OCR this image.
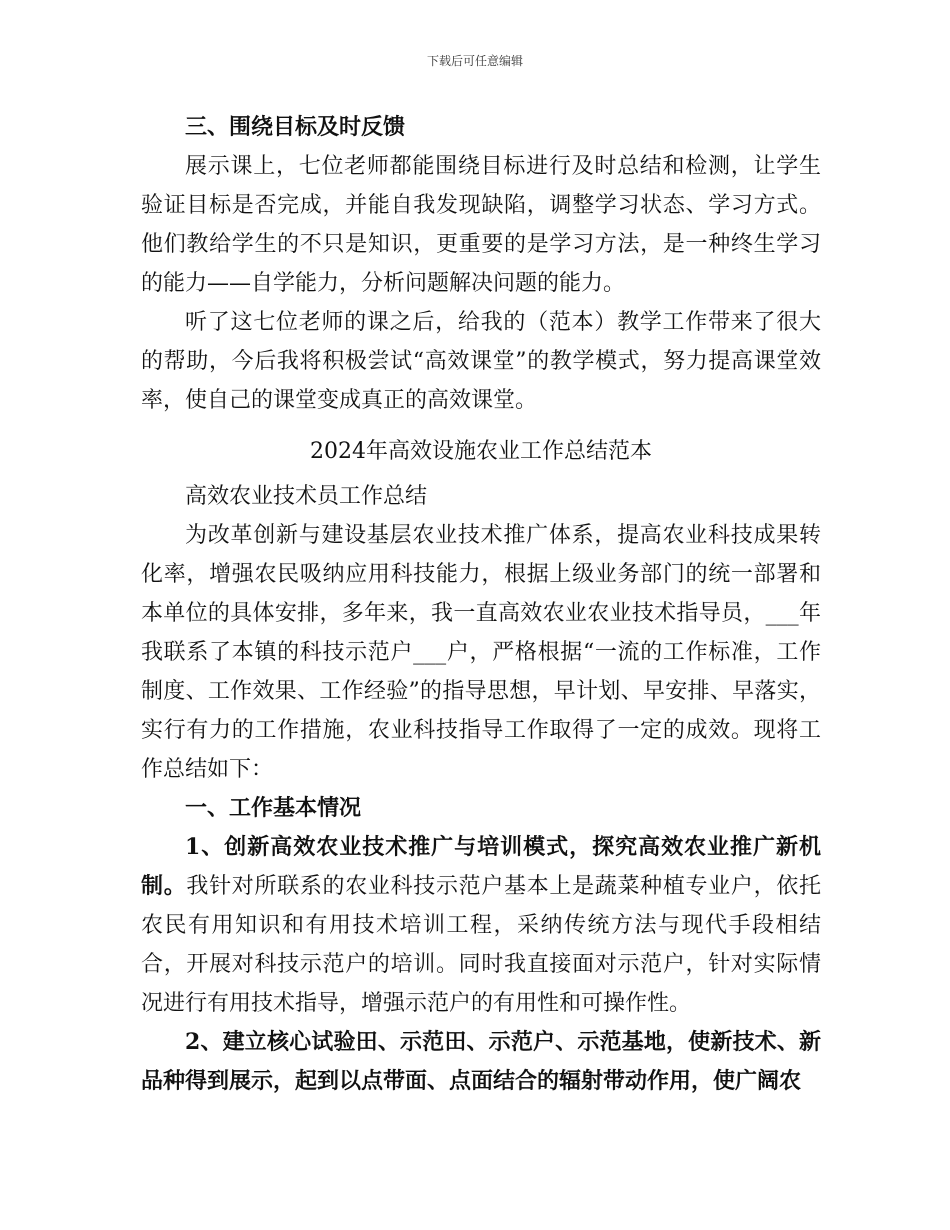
下载后可任意编辑

三、围绕目标及时反馈

展示课上，七位老师都能围绕目标进行及时总结和检测，让学生验证目标是否完成，并能自我发现缺陷，调整学习状态、学习方式。他们教给学生的不只是知识，更重要的是学习方法，是一种终生学习的能力——自学能力，分析问题解决问题的能力。

听了这七位老师的课之后，给我的（范本）教学工作带来了很大的帮助，今后我将积极尝试“高效课堂”的教学模式，努力提高课堂效率，使自己的课堂变成真正的高效课堂。

2024年高效设施农业工作总结范本

高效农业技术员工作总结

为改革创新与建设基层农业技术推广体系，提高农业科技成果转化率，增强农民吸纳应用科技能力，根据上级业务部门的统一部署和本单位的具体安排，多年来，我一直高效农业农业技术指导员，___年我联系了本镇的科技示范户___户，严格根据“一流的工作标准，工作制度、工作效果、工作经验”的指导思想，早计划、早安排、早落实，实行有力的工作措施，农业科技指导工作取得了一定的成效。现将工作总结如下：

一、工作基本情况

1、创新高效农业技术推广与培训模式，探究高效农业推广新机制。我针对所联系的农业科技示范户基本上是蔬菜种植专业户，依托农民有用知识和有用技术培训工程，采纳传统方法与现代手段相结合，开展对科技示范户的培训。同时我直接面对示范户，针对实际情况进行有用技术指导，增强示范户的有用性和可操作性。

2、建立核心试验田、示范田、示范户、示范基地，使新技术、新品种得到展示，起到以点带面、点面结合的辐射带动作用，使广阔农
